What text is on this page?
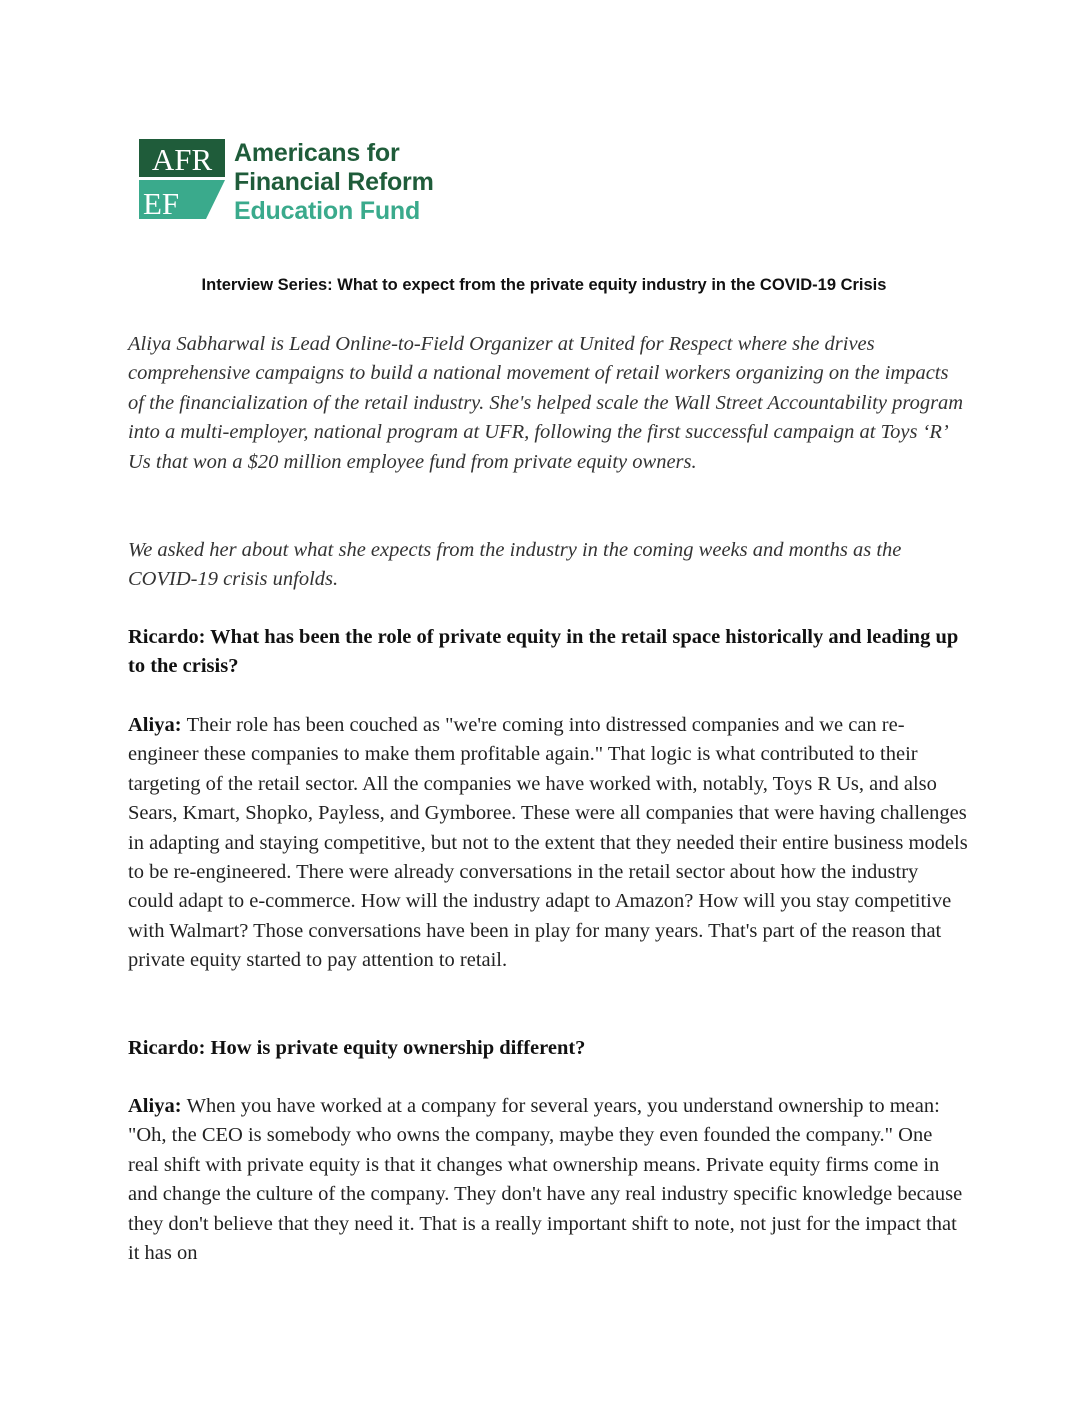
AFR
EF
Americans for
Financial Reform
Education Fund
Interview Series: What to expect from the private equity industry in the COVID-19 Crisis
Aliya Sabharwal is Lead Online-to-Field Organizer at United for Respect where she drives comprehensive campaigns to build a national movement of retail workers organizing on the impacts of the financialization of the retail industry. She's helped scale the Wall Street Accountability program into a multi-employer, national program at UFR, following the first successful campaign at Toys ‘R’ Us that won a $20 million employee fund from private equity owners.
We asked her about what she expects from the industry in the coming weeks and months as the COVID-19 crisis unfolds.
Ricardo: What has been the role of private equity in the retail space historically and leading up to the crisis?
Aliya: Their role has been couched as "we're coming into distressed companies and we can re-engineer these companies to make them profitable again." That logic is what contributed to their targeting of the retail sector. All the companies we have worked with, notably, Toys R Us, and also Sears, Kmart, Shopko, Payless, and Gymboree. These were all companies that were having challenges in adapting and staying competitive, but not to the extent that they needed their entire business models to be re-engineered. There were already conversations in the retail sector about how the industry could adapt to e-commerce. How will the industry adapt to Amazon? How will you stay competitive with Walmart? Those conversations have been in play for many years. That's part of the reason that private equity started to pay attention to retail.
Ricardo: How is private equity ownership different?
Aliya: When you have worked at a company for several years, you understand ownership to mean: "Oh, the CEO is somebody who owns the company, maybe they even founded the company." One real shift with private equity is that it changes what ownership means. Private equity firms come in and change the culture of the company. They don't have any real industry specific knowledge because they don't believe that they need it. That is a really important shift to note, not just for the impact that it has on
